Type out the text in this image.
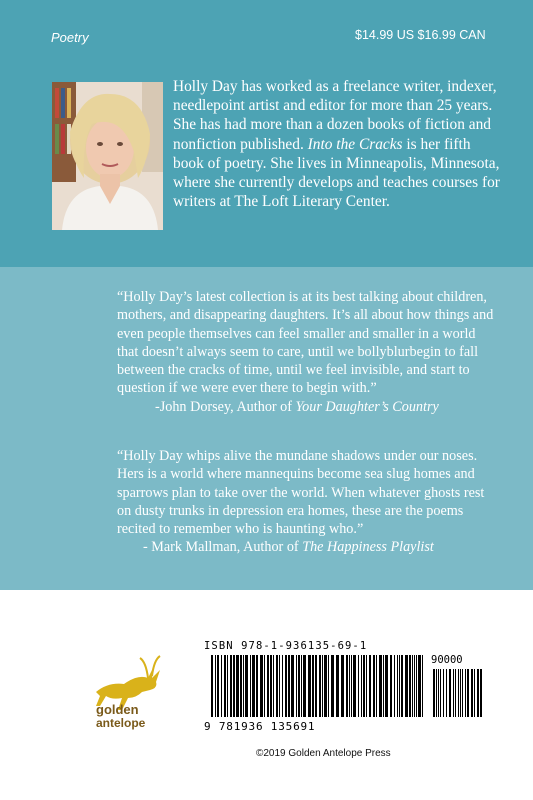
Poetry	$14.99 US $16.99 CAN
Holly Day has worked as a freelance writer, indexer, needlepoint artist and editor for more than 25 years. She has had more than a dozen books of fiction and nonfiction published. Into the Cracks is her fifth book of poetry. She lives in Minneapolis, Minnesota, where she currently develops and teaches courses for writers at The Loft Literary Center.
“Holly Day’s latest collection is at its best talking about children, mothers, and disappearing daughters. It’s all about how things and even people themselves can feel smaller and smaller in a world that doesn’t always seem to care, until we bollyblurbegin to fall between the cracks of time, until we feel invisible, and start to question if we were ever there to begin with.”
-John Dorsey, Author of Your Daughter’s Country
“Holly Day whips alive the mundane shadows under our noses. Hers is a world where mannequins become sea slug homes and sparrows plan to take over the world. When whatever ghosts rest on dusty trunks in depression era homes, these are the poems recited to remember who is haunting who.”
- Mark Mallman, Author of The Happiness Playlist
golden
antelope
ISBN 978-1-936135-69-1
9 781936 135691
90000
©2019 Golden Antelope Press
